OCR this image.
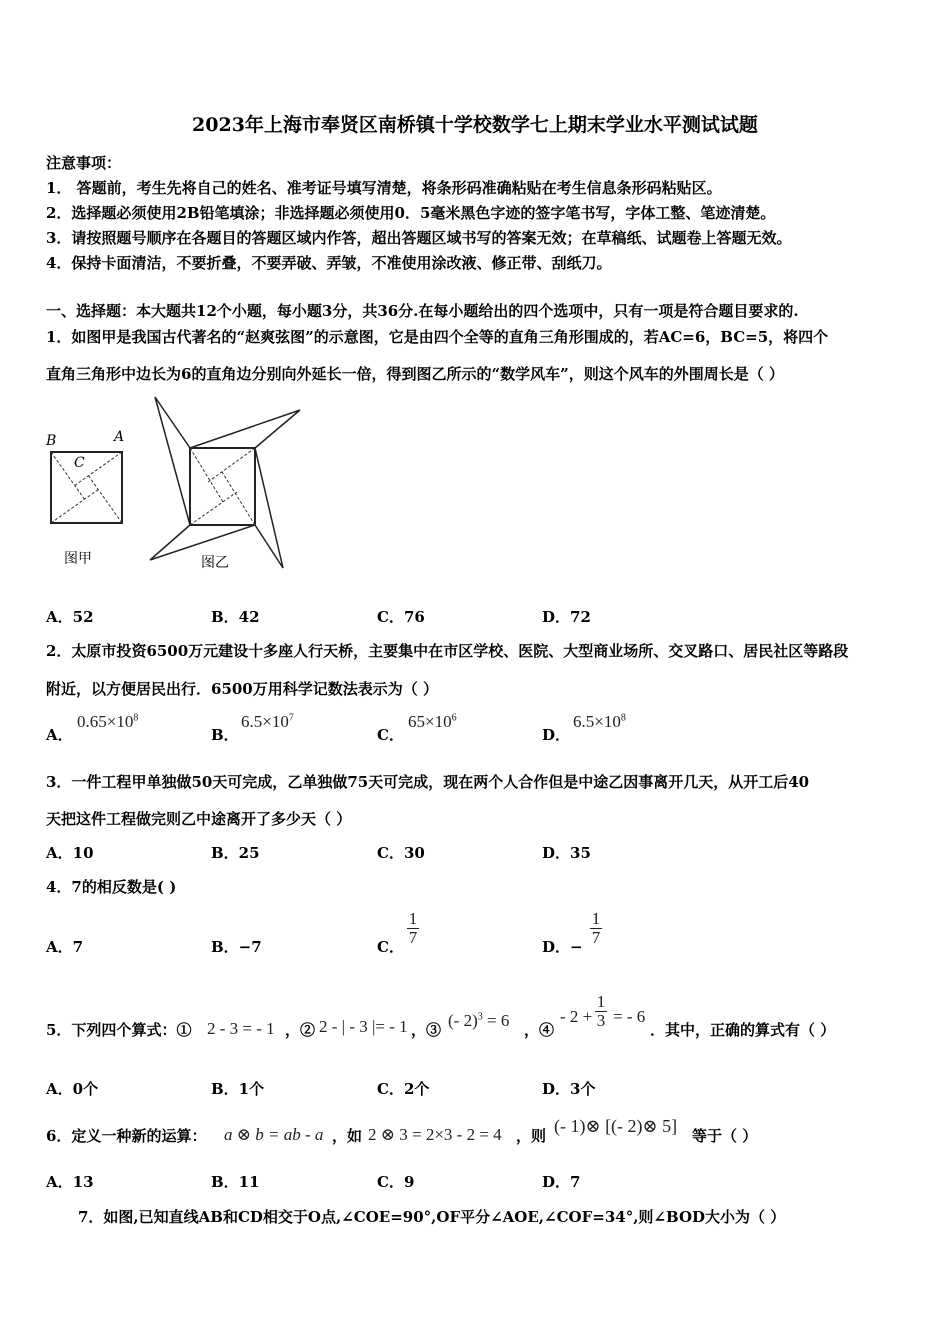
2023年上海市奉贤区南桥镇十学校数学七上期末学业水平测试试题
注意事项：
1． 答题前，考生先将自己的姓名、准考证号填写清楚，将条形码准确粘贴在考生信息条形码粘贴区。
2．选择题必须使用2B铅笔填涂；非选择题必须使用0．5毫米黑色字迹的签字笔书写，字体工整、笔迹清楚。
3．请按照题号顺序在各题目的答题区域内作答，超出答题区域书写的答案无效；在草稿纸、试题卷上答题无效。
4．保持卡面清洁，不要折叠，不要弄破、弄皱，不准使用涂改液、修正带、刮纸刀。
一、选择题：本大题共12个小题，每小题3分，共36分.在每小题给出的四个选项中，只有一项是符合题目要求的.
1．如图甲是我国古代著名的“赵爽弦图”的示意图，它是由四个全等的直角三角形围成的，若AC=6，BC=5，将四个
直角三角形中边长为6的直角边分别向外延长一倍，得到图乙所示的“数学风车”，则这个风车的外围周长是（ ）
B	A
C
图甲	图乙
A．52	B．42	C．76	D．72
2．太原市投资6500万元建设十多座人行天桥，主要集中在市区学校、医院、大型商业场所、交叉路口、居民社区等路段
附近，以方便居民出行．6500万用科学记数法表示为（ ）
A．
$0.65\times 10^8$
B．
$6.5\times 10^7$
C．
$65\times 10^6$
D．
$6.5\times 10^8$
3．一件工程甲单独做50天可完成，乙单独做75天可完成，现在两个人合作但是中途乙因事离开几天，从开工后40
天把这件工程做完则乙中途离开了多少天（ ）
A．10	B．25	C．30	D．35
4．7的相反数是( )
A．7	B．−7	C． $\frac{1}{7}$	D．− $\frac{1}{7}$
5．下列四个算式：① 2 - 3 = - 1 ，② 2 - | - 3 |= - 1 ，③ (- 2)$^3$ = 6 ，④
- $2 + \frac{1}{3}$ = - 6
．其中，正确的算式有（ ）
A．0个	B．1个	C．2个	D．3个
6．定义一种新的运算： a ⊗ b = ab - a ，如 2 ⊗ 3 = 2×3 - 2 = 4 ，则 (- 1)⊗ [(- 2)⊗ 5] 等于（ ）
A．13	B．11	C．9	D．7
7．如图,已知直线AB和CD相交于O点,∠COE=90°,OF平分∠AOE,∠COF=34°,则∠BOD大小为（ ）
